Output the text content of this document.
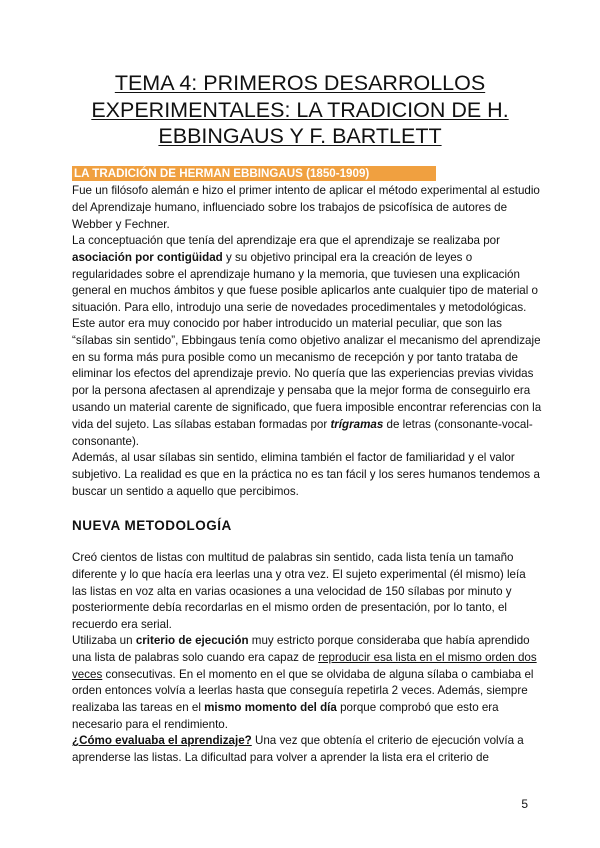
TEMA 4: PRIMEROS DESARROLLOS EXPERIMENTALES: LA TRADICION DE H. EBBINGAUS Y F. BARTLETT
LA TRADICIÓN DE HERMAN EBBINGAUS (1850-1909)

Fue un filósofo alemán e hizo el primer intento de aplicar el método experimental al estudio del Aprendizaje humano, influenciado sobre los trabajos de psicofísica de autores de Webber y Fechner.

La conceptuación que tenía del aprendizaje era que el aprendizaje se realizaba por asociación por contigüidad y su objetivo principal era la creación de leyes o regularidades sobre el aprendizaje humano y la memoria, que tuviesen una explicación general en muchos ámbitos y que fuese posible aplicarlos ante cualquier tipo de material o situación. Para ello, introdujo una serie de novedades procedimentales y metodológicas.

Este autor era muy conocido por haber introducido un material peculiar, que son las “sílabas sin sentido”, Ebbingaus tenía como objetivo analizar el mecanismo del aprendizaje en su forma más pura posible como un mecanismo de recepción y por tanto trataba de eliminar los efectos del aprendizaje previo. No quería que las experiencias previas vividas por la persona afectasen al aprendizaje y pensaba que la mejor forma de conseguirlo era usando un material carente de significado, que fuera imposible encontrar referencias con la vida del sujeto. Las sílabas estaban formadas por trígramas de letras (consonante-vocal-consonante).

Además, al usar sílabas sin sentido, elimina también el factor de familiaridad y el valor subjetivo. La realidad es que en la práctica no es tan fácil y los seres humanos tendemos a buscar un sentido a aquello que percibimos.

NUEVA METODOLOGÍA

Creó cientos de listas con multitud de palabras sin sentido, cada lista tenía un tamaño diferente y lo que hacía era leerlas una y otra vez. El sujeto experimental (él mismo) leía las listas en voz alta en varias ocasiones a una velocidad de 150 sílabas por minuto y posteriormente debía recordarlas en el mismo orden de presentación, por lo tanto, el recuerdo era serial.

Utilizaba un criterio de ejecución muy estricto porque consideraba que había aprendido una lista de palabras solo cuando era capaz de reproducir esa lista en el mismo orden dos veces consecutivas. En el momento en el que se olvidaba de alguna sílaba o cambiaba el orden entonces volvía a leerlas hasta que conseguía repetirla 2 veces. Además, siempre realizaba las tareas en el mismo momento del día porque comprobó que esto era necesario para el rendimiento.

¿Cómo evaluaba el aprendizaje? Una vez que obtenía el criterio de ejecución volvía a aprenderse las listas. La dificultad para volver a aprender la lista era el criterio de

5
